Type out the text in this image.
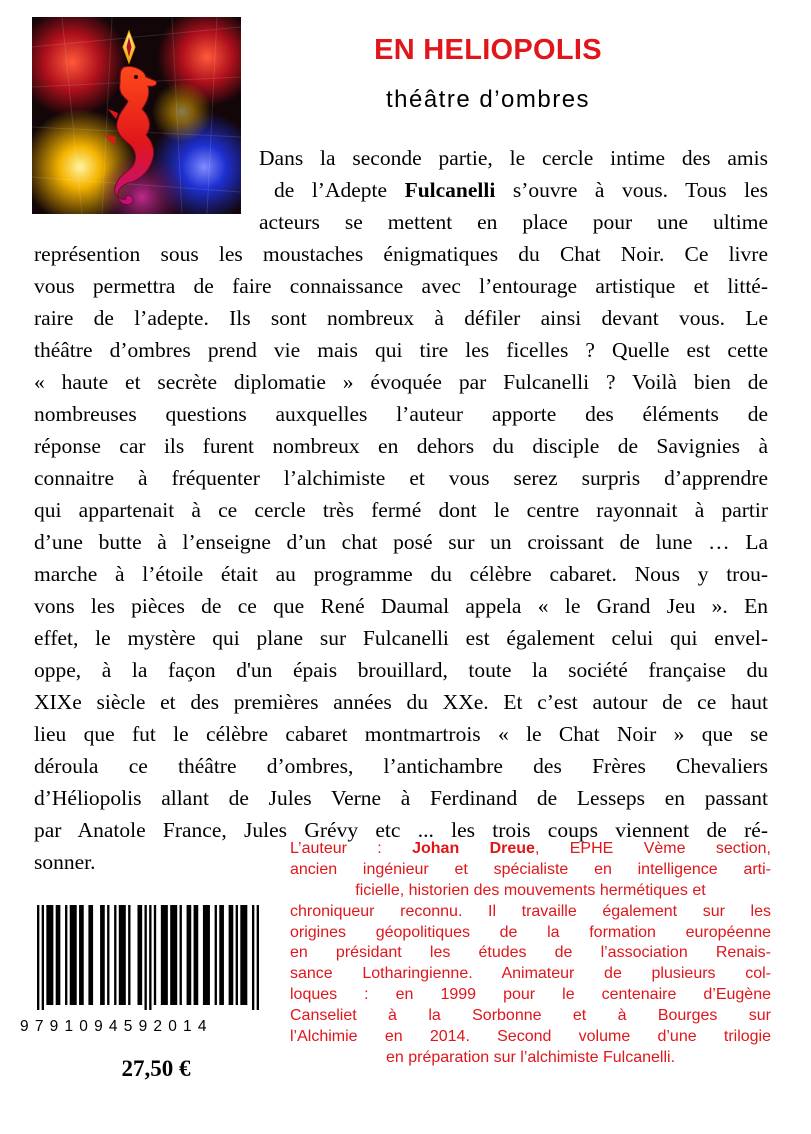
EN HELIOPOLIS
théâtre d’ombres
Dans la seconde partie, le cercle intime des amis
de l’Adepte Fulcanelli s’ouvre à vous. Tous les
acteurs se mettent en place pour une ultime
représention sous les moustaches énigmatiques du Chat Noir. Ce livre
vous permettra de faire connaissance avec l’entourage artistique et litté-
raire de l’adepte. Ils sont nombreux à défiler ainsi devant vous. Le
théâtre d’ombres prend vie mais qui tire les ficelles ? Quelle est cette
« haute et secrète diplomatie » évoquée par Fulcanelli ? Voilà bien de
nombreuses questions auxquelles l’auteur apporte des éléments de
réponse car ils furent nombreux en dehors du disciple de Savignies à
connaitre à fréquenter l’alchimiste et vous serez surpris d’apprendre
qui appartenait à ce cercle très fermé dont le centre rayonnait à partir
d’une butte à l’enseigne d’un chat posé sur un croissant de lune … La
marche à l’étoile était au programme du célèbre cabaret. Nous y trou-
vons les pièces de ce que René Daumal appela « le Grand Jeu ». En
effet, le mystère qui plane sur Fulcanelli est également celui qui envel-
oppe, à la façon d'un épais brouillard, toute la société française du
XIXe siècle et des premières années du XXe. Et c’est autour de ce haut
lieu que fut le célèbre cabaret montmartrois « le Chat Noir » que se
déroula ce théâtre d’ombres, l’antichambre des Frères Chevaliers
d’Héliopolis allant de Jules Verne à Ferdinand de Lesseps en passant
par Anatole France, Jules Grévy etc ... les trois coups viennent de ré-
sonner.
L’auteur : Johan Dreue, EPHE Vème section,
ancien ingénieur et spécialiste en intelligence arti-
ficielle, historien des mouvements hermétiques et
chroniqueur reconnu. Il travaille également sur les
origines géopolitiques de la formation européenne
en présidant les études de l’association Renais-
sance Lotharingienne. Animateur de plusieurs col-
loques : en 1999 pour le centenaire d’Eugène
Canseliet à la Sorbonne et à Bourges sur
l’Alchimie en 2014. Second volume d’une trilogie
en préparation sur l’alchimiste Fulcanelli.
9791094592014
27,50 €
